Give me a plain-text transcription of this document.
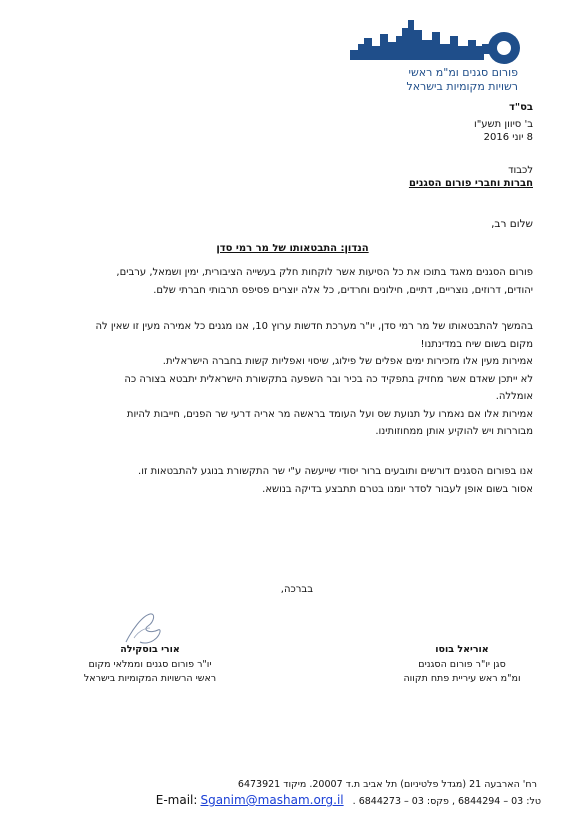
פורום סגנים ומ"מ ראשי
רשויות מקומיות בישראל
בס"ד
ב' סיוון תשע"ו
8 יוני 2016
לכבוד
חברות וחברי פורום הסגנים
שלום רב,
הנדון: התבטאותו של מר רמי סדן
פורום הסגנים מאגד בתוכו את כל הסיעות אשר לוקחות חלק בעשייה הציבורית, ימין ושמאל, ערבים,
יהודים, דרוזים, נוצריים, דתיים, חילונים וחרדים, כל אלה יוצרים פסיפס תרבותי חברתי שלם.
בהמשך להתבטאותו של מר רמי סדן, יו"ר מערכת חדשות ערוץ 10, אנו מגנים כל אמירה מעין זו שאין לה
מקום בשום שיח במדינתנו!
אמירות מעין אלו מזכירות ימים אפלים של פילוג, שיסוי ואפליות קשות בחברה הישראלית.
לא ייתכן שאדם אשר מחזיק בתפקיד כה בכיר ובר השפעה בתקשורת הישראלית יתבטא בצורה כה
אומללה.
אמירות אלו אם נאמרו על תנועת שס ועל העומד בראשה מר אריה דרעי שר הפנים, חייבות להיות
מבוררות ויש להוקיע אותן ממחוזותינו.
אנו בפורום הסגנים דורשים ותובעים ברור יסודי שייעשה ע"י שר התקשורת בנוגע להתבטאות זו.
אסור בשום אופן לעבור לסדר יומנו בטרם תתבצע בדיקה בנושא.
בברכה,
אוריאל בוסו
סגן יו"ר פורום הסגנים
ומ"מ ראש עיריית פתח תקווה
אורי בוסקילה
יו"ר פורום סגנים וממלאי מקום
ראשי הרשויות המקומיות בישראל
רח' הארבעה 21 (מגדל פלטיניום) תל אביב ת.ד 20007. מיקוד 6473921
E-mail: Sganim@masham.org.il טל: 03 – 6844294 , פקס: 03 – 6844273 .
